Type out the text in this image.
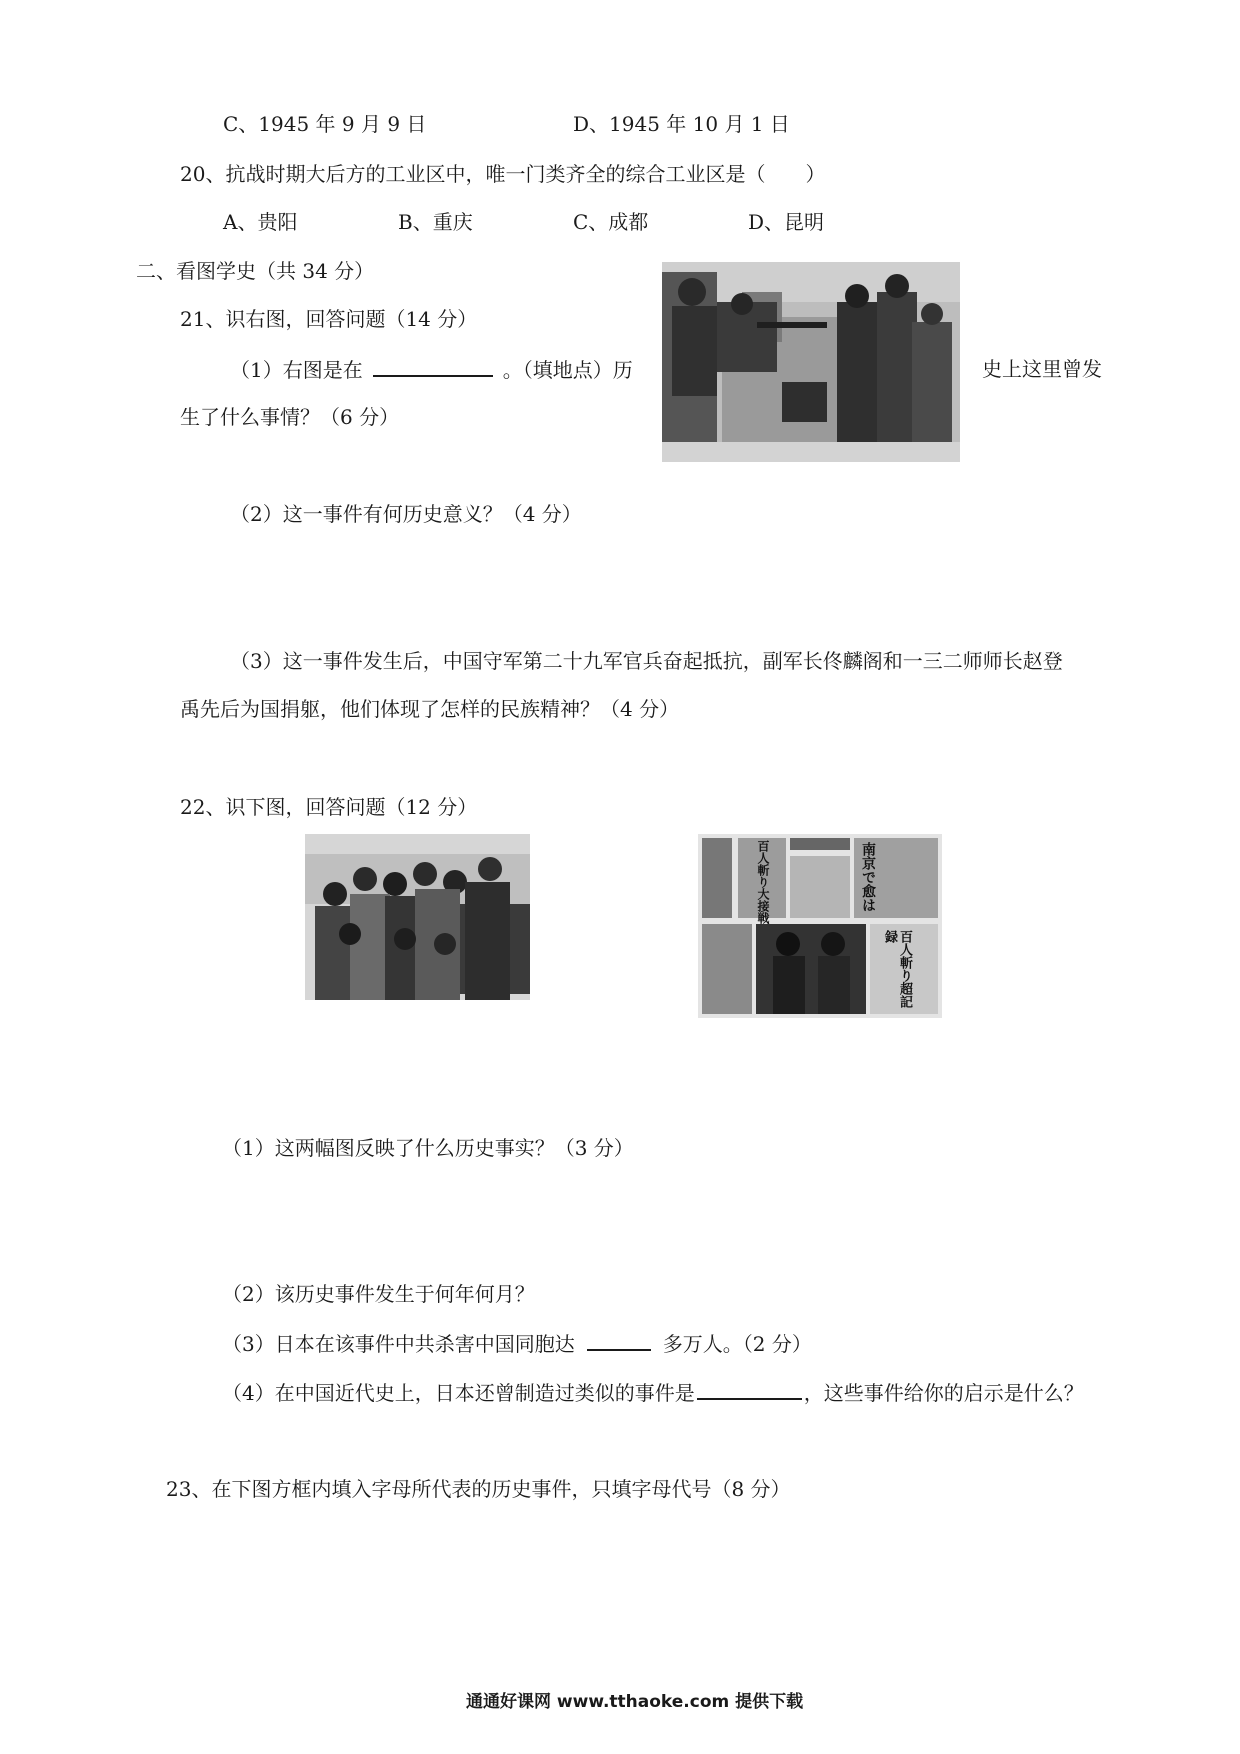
C、1945 年 9 月 9 日	D、1945 年 10 月 1 日
20、抗战时期大后方的工业区中，唯一门类齐全的综合工业区是（　　）
A、贵阳	B、重庆	C、成都	D、昆明
二、看图学史（共 34 分）
21、识右图，回答问题（14 分）
（1）右图是在	。（填地点）历	史上这里曾发
生了什么事情？（6 分）
（2）这一事件有何历史意义？（4 分）
（3）这一事件发生后，中国守军第二十九军官兵奋起抵抗，副军长佟麟阁和一三二师师长赵登
禹先后为国捐躯，他们体现了怎样的民族精神？（4 分）
22、识下图，回答问题（12 分）
百人斬り超記録
南京で愈は
百人斬り大接戦
（1）这两幅图反映了什么历史事实？（3 分）
（2）该历史事件发生于何年何月？
（3）日本在该事件中共杀害中国同胞达	多万人。（2 分）
（4）在中国近代史上，日本还曾制造过类似的事件是	，这些事件给你的启示是什么？
23、在下图方框内填入字母所代表的历史事件，只填字母代号（8 分）
通通好课网 www.tthaoke.com 提供下载
